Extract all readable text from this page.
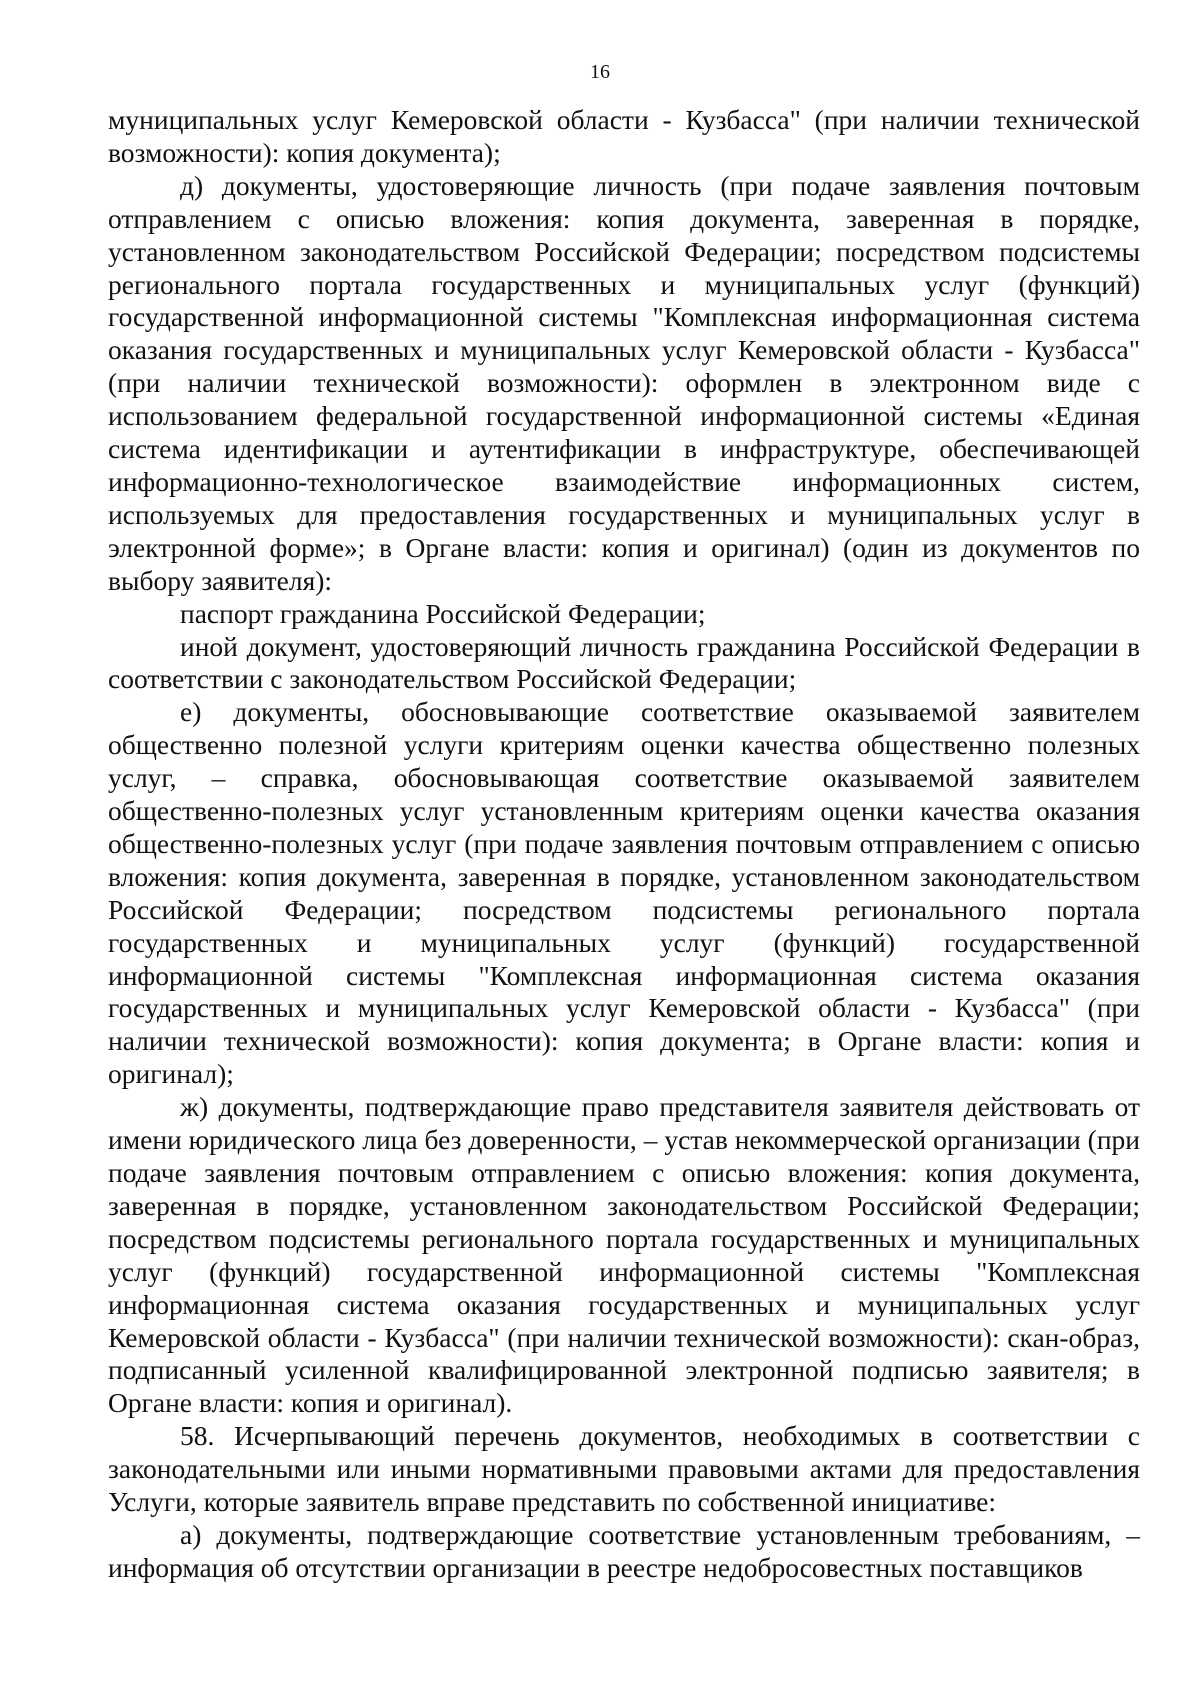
16

муниципальных услуг Кемеровской области - Кузбасса" (при наличии технической возможности): копия документа);

д) документы, удостоверяющие личность (при подаче заявления почтовым отправлением с описью вложения: копия документа, заверенная в порядке, установленном законодательством Российской Федерации; посредством подсистемы регионального портала государственных и муниципальных услуг (функций) государственной информационной системы "Комплексная информационная система оказания государственных и муниципальных услуг Кемеровской области - Кузбасса" (при наличии технической возможности): оформлен в электронном виде с использованием федеральной государственной информационной системы «Единая система идентификации и аутентификации в инфраструктуре, обеспечивающей информационно-технологическое взаимодействие информационных систем, используемых для предоставления государственных и муниципальных услуг в электронной форме»; в Органе власти: копия и оригинал) (один из документов по выбору заявителя):

паспорт гражданина Российской Федерации;

иной документ, удостоверяющий личность гражданина Российской Федерации в соответствии с законодательством Российской Федерации;

е) документы, обосновывающие соответствие оказываемой заявителем общественно полезной услуги критериям оценки качества общественно полезных услуг, – справка, обосновывающая соответствие оказываемой заявителем общественно-полезных услуг установленным критериям оценки качества оказания общественно-полезных услуг (при подаче заявления почтовым отправлением с описью вложения: копия документа, заверенная в порядке, установленном законодательством Российской Федерации; посредством подсистемы регионального портала государственных и муниципальных услуг (функций) государственной информационной системы "Комплексная информационная система оказания государственных и муниципальных услуг Кемеровской области - Кузбасса" (при наличии технической возможности): копия документа; в Органе власти: копия и оригинал);

ж) документы, подтверждающие право представителя заявителя действовать от имени юридического лица без доверенности, – устав некоммерческой организации (при подаче заявления почтовым отправлением с описью вложения: копия документа, заверенная в порядке, установленном законодательством Российской Федерации; посредством подсистемы регионального портала государственных и муниципальных услуг (функций) государственной информационной системы "Комплексная информационная система оказания государственных и муниципальных услуг Кемеровской области - Кузбасса" (при наличии технической возможности): скан-образ, подписанный усиленной квалифицированной электронной подписью заявителя; в Органе власти: копия и оригинал).

58. Исчерпывающий перечень документов, необходимых в соответствии с законодательными или иными нормативными правовыми актами для предоставления Услуги, которые заявитель вправе представить по собственной инициативе:

а) документы, подтверждающие соответствие установленным требованиям, – информация об отсутствии организации в реестре недобросовестных поставщиков
